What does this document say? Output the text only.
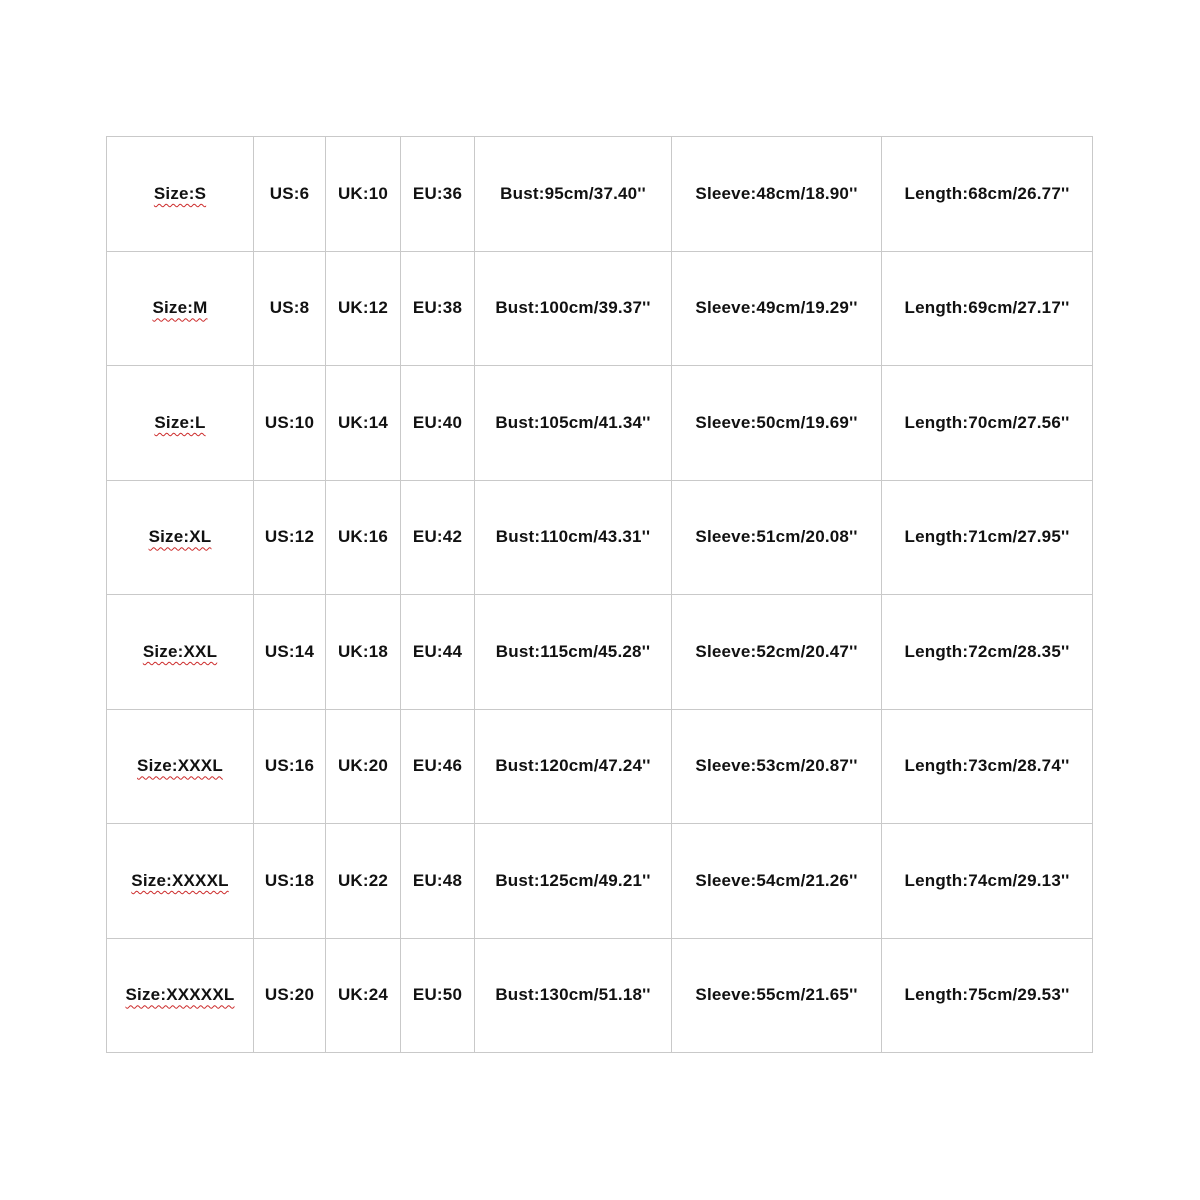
Size:S	US:6	UK:10	EU:36	Bust:95cm/37.40''	Sleeve:48cm/18.90''	Length:68cm/26.77''
Size:M	US:8	UK:12	EU:38	Bust:100cm/39.37''	Sleeve:49cm/19.29''	Length:69cm/27.17''
Size:L	US:10	UK:14	EU:40	Bust:105cm/41.34''	Sleeve:50cm/19.69''	Length:70cm/27.56''
Size:XL	US:12	UK:16	EU:42	Bust:110cm/43.31''	Sleeve:51cm/20.08''	Length:71cm/27.95''
Size:XXL	US:14	UK:18	EU:44	Bust:115cm/45.28''	Sleeve:52cm/20.47''	Length:72cm/28.35''
Size:XXXL	US:16	UK:20	EU:46	Bust:120cm/47.24''	Sleeve:53cm/20.87''	Length:73cm/28.74''
Size:XXXXL	US:18	UK:22	EU:48	Bust:125cm/49.21''	Sleeve:54cm/21.26''	Length:74cm/29.13''
Size:XXXXXL	US:20	UK:24	EU:50	Bust:130cm/51.18''	Sleeve:55cm/21.65''	Length:75cm/29.53''
